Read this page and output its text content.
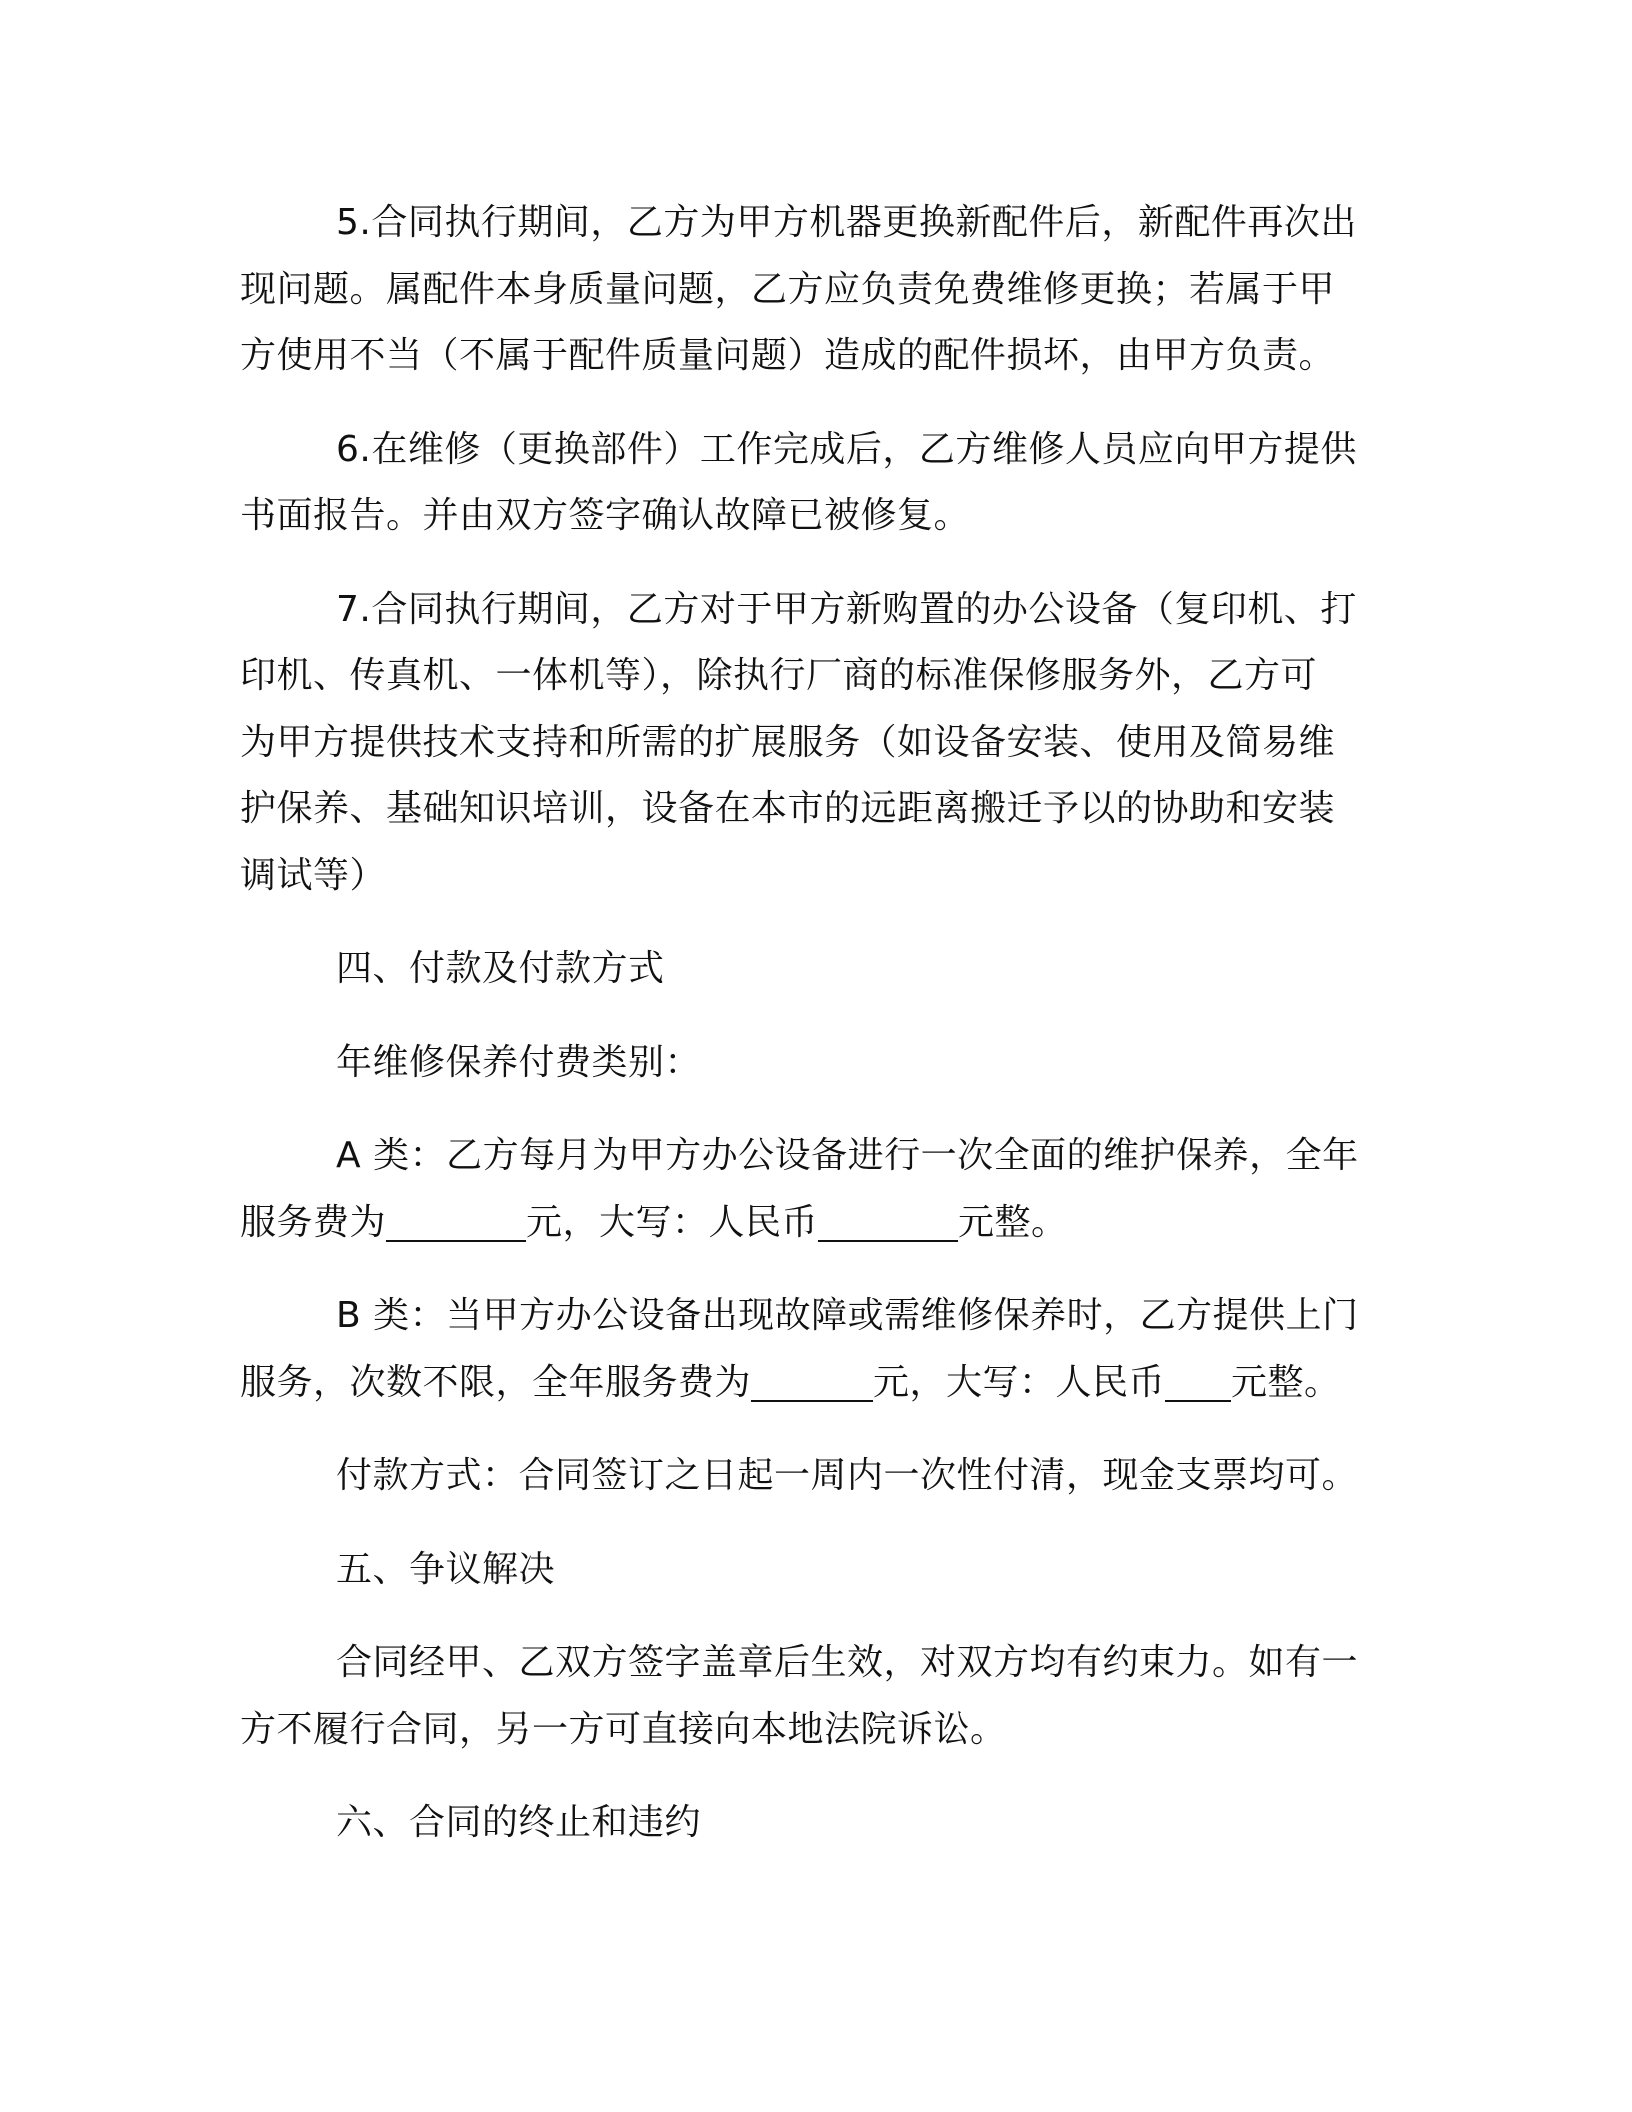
5.合同执行期间，乙方为甲方机器更换新配件后，新配件再次出
现问题。属配件本身质量问题，乙方应负责免费维修更换；若属于甲
方使用不当（不属于配件质量问题）造成的配件损坏，由甲方负责。

6.在维修（更换部件）工作完成后，乙方维修人员应向甲方提供
书面报告。并由双方签字确认故障已被修复。

7.合同执行期间，乙方对于甲方新购置的办公设备（复印机、打
印机、传真机、一体机等），除执行厂商的标准保修服务外，乙方可
为甲方提供技术支持和所需的扩展服务（如设备安装、使用及简易维
护保养、基础知识培训，设备在本市的远距离搬迁予以的协助和安装
调试等）

四、付款及付款方式

年维修保养付费类别：

A 类：乙方每月为甲方办公设备进行一次全面的维护保养，全年
服务费为	元，大写：人民币	元整。

B 类：当甲方办公设备出现故障或需维修保养时，乙方提供上门
服务，次数不限，全年服务费为	元，大写：人民币 元整。

付款方式：合同签订之日起一周内一次性付清，现金支票均可。

五、争议解决

合同经甲、乙双方签字盖章后生效，对双方均有约束力。如有一
方不履行合同，另一方可直接向本地法院诉讼。

六、合同的终止和违约
